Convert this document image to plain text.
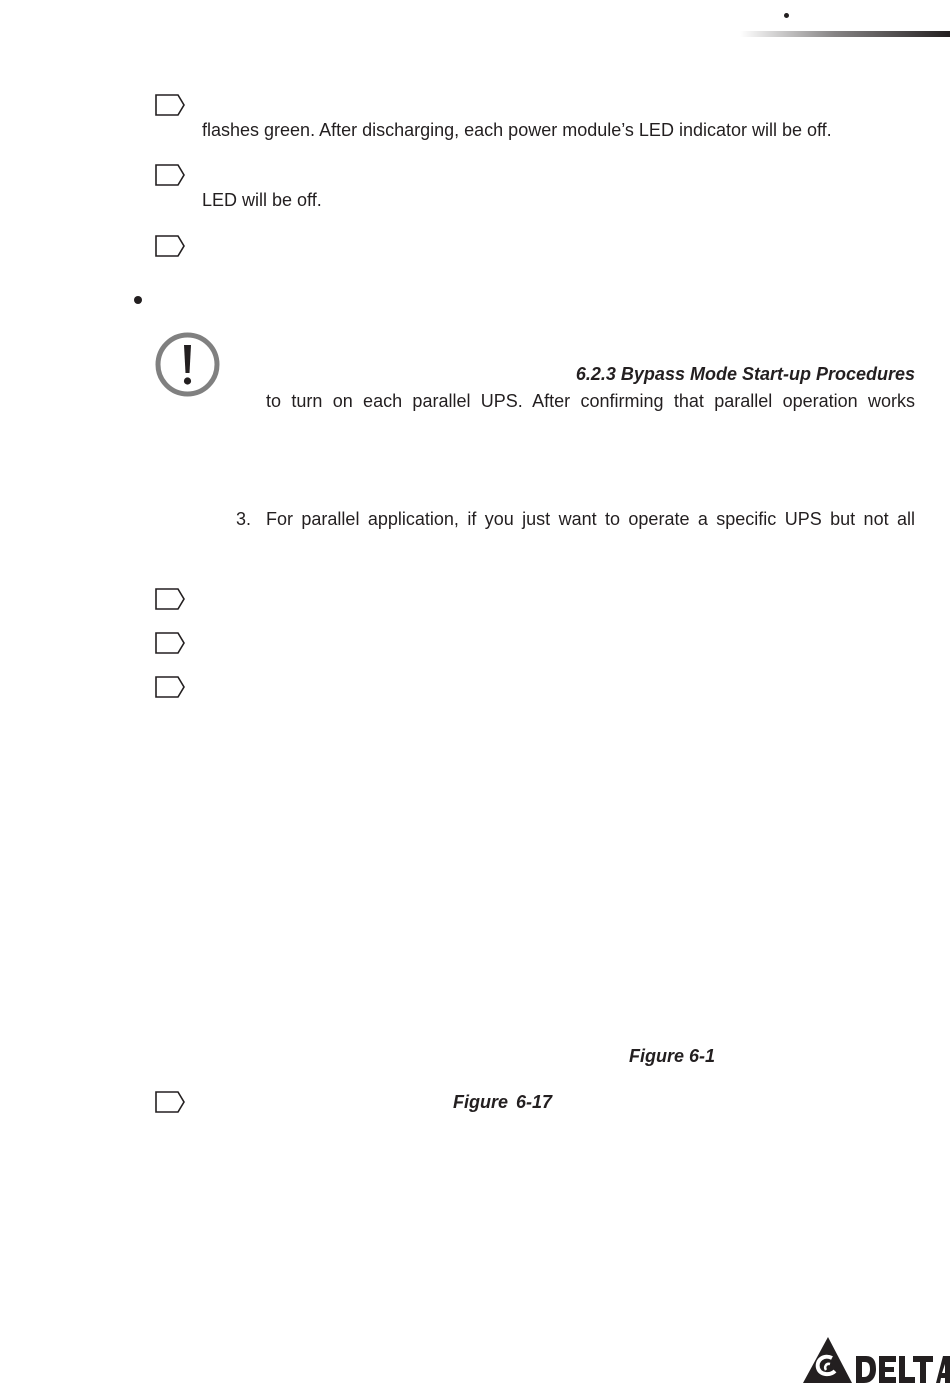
flashes green. After discharging, each power module’s LED indicator will be off.
LED will be off.
6.2.3 Bypass Mode Start-up Procedures
to turn on each parallel UPS. After confirming that parallel operation works
3. For parallel application, if you just want to operate a specific UPS but not all
Figure 6-1
Figure 6-17
